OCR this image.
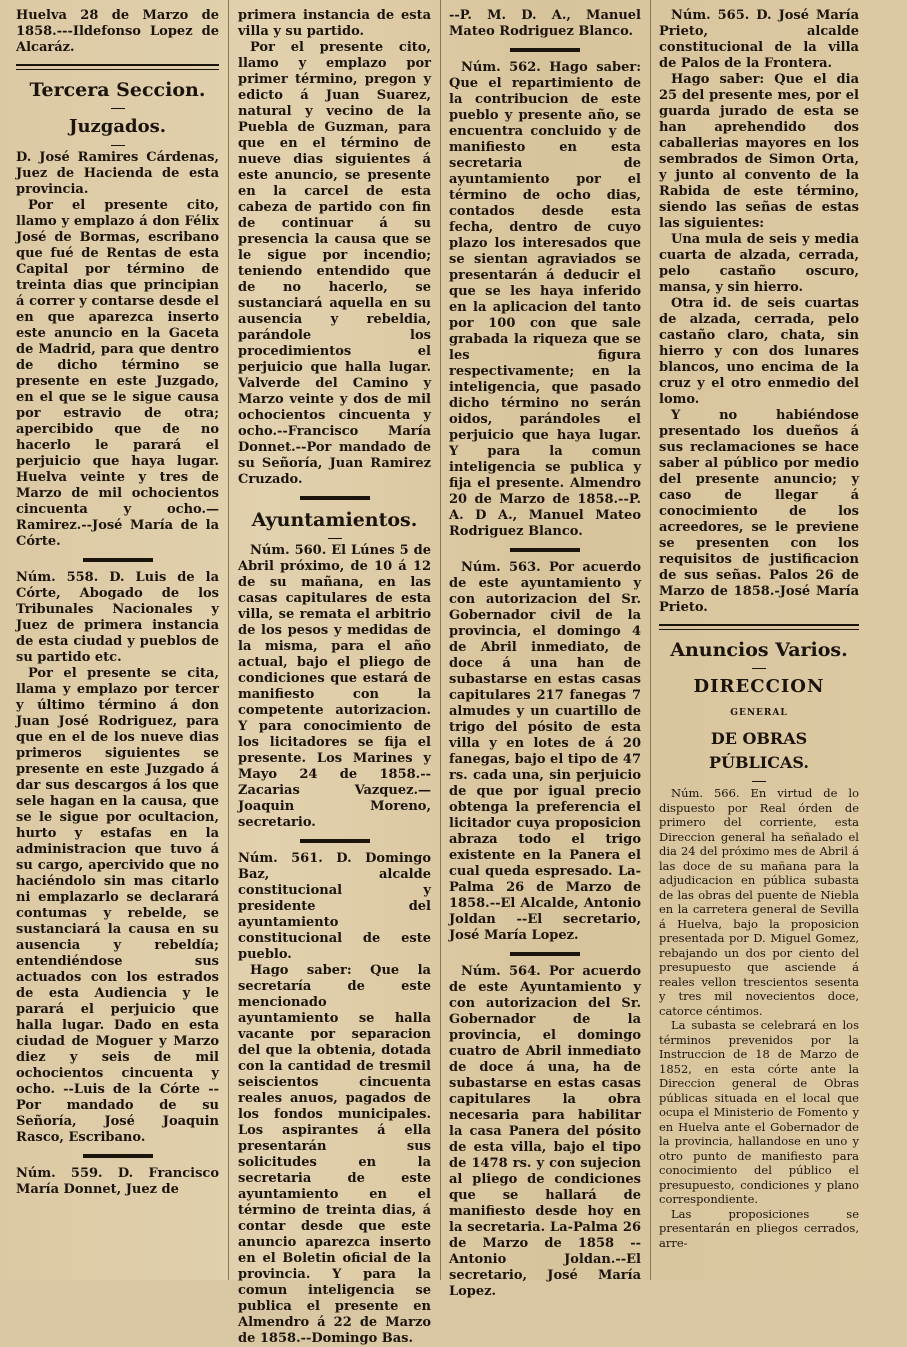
Huelva 28 de Marzo de 1858.---Ildefonso Lopez de Alcaráz.

Tercera Seccion.
Juzgados.

D. José Ramires Cárdenas, Juez de Hacienda de esta provincia.

Por el presente cito, llamo y emplazo á don Félix José de Bormas, escribano que fué de Rentas de esta Capital por término de treinta dias que principian á correr y contarse desde el en que aparezca inserto este anuncio en la Gaceta de Madrid, para que dentro de dicho término se presente en este Juzgado, en el que se le sigue causa por estravio de otra; apercibido que de no hacerlo le parará el perjuicio que haya lugar. Huelva veinte y tres de Marzo de mil ochocientos cincuenta y ocho.—Ramirez.--José María de la Córte.

Núm. 558. D. Luis de la Córte, Abogado de los Tribunales Nacionales y Juez de primera instancia de esta ciudad y pueblos de su partido etc.

Por el presente se cita, llama y emplazo por tercer y último término á don Juan José Rodriguez, para que en el de los nueve dias primeros siguientes se presente en este Juzgado á dar sus descargos á los que sele hagan en la causa, que se le sigue por ocultacion, hurto y estafas en la administracion que tuvo á su cargo, apercivido que no haciéndolo sin mas citarlo ni emplazarlo se declarará contumas y rebelde, se sustanciará la causa en su ausencia y rebeldía; entendiéndose sus actuados con los estrados de esta Audiencia y le parará el perjuicio que halla lugar. Dado en esta ciudad de Moguer y Marzo diez y seis de mil ochocientos cincuenta y ocho. --Luis de la Córte --Por mandado de su Señoría, José Joaquin Rasco, Escribano.

Núm. 559. D. Francisco María Donnet, Juez de

primera instancia de esta villa y su partido.

Por el presente cito, llamo y emplazo por primer término, pregon y edicto á Juan Suarez, natural y vecino de la Puebla de Guzman, para que en el término de nueve dias siguientes á este anuncio, se presente en la carcel de esta cabeza de partido con fin de continuar á su presencia la causa que se le sigue por incendio; teniendo entendido que de no hacerlo, se sustanciará aquella en su ausencia y rebeldia, parándole los procedimientos el perjuicio que halla lugar. Valverde del Camino y Marzo veinte y dos de mil ochocientos cincuenta y ocho.--Francisco María Donnet.--Por mandado de su Señoría, Juan Ramirez Cruzado.

Ayuntamientos.

Núm. 560. El Lúnes 5 de Abril próximo, de 10 á 12 de su mañana, en las casas capitulares de esta villa, se remata el arbitrio de los pesos y medidas de la misma, para el año actual, bajo el pliego de condiciones que estará de manifiesto con la competente autorizacion. Y para conocimiento de los licitadores se fija el presente. Los Marines y Mayo 24 de 1858.--Zacarias Vazquez.—Joaquin Moreno, secretario.

Núm. 561. D. Domingo Baz, alcalde constitucional y presidente del ayuntamiento constitucional de este pueblo.

Hago saber: Que la secretaría de este mencionado ayuntamiento se halla vacante por separacion del que la obtenia, dotada con la cantidad de tresmil seiscientos cincuenta reales anuos, pagados de los fondos municipales. Los aspirantes á ella presentarán sus solicitudes en la secretaria de este ayuntamiento en el término de treinta dias, á contar desde que este anuncio aparezca inserto en el Boletin oficial de la provincia. Y para la comun inteligencia se publica el presente en Almendro á 22 de Marzo de 1858.--Domingo Bas.

--P. M. D. A., Manuel Mateo Rodriguez Blanco.

Núm. 562. Hago saber: Que el repartimiento de la contribucion de este pueblo y presente año, se encuentra concluido y de manifiesto en esta secretaria de ayuntamiento por el término de ocho dias, contados desde esta fecha, dentro de cuyo plazo los interesados que se sientan agraviados se presentarán á deducir el que se les haya inferido en la aplicacion del tanto por 100 con que sale grabada la riqueza que se les figura respectivamente; en la inteligencia, que pasado dicho término no serán oidos, parándoles el perjuicio que haya lugar. Y para la comun inteligencia se publica y fija el presente. Almendro 20 de Marzo de 1858.--P. A. D A., Manuel Mateo Rodriguez Blanco.

Núm. 563. Por acuerdo de este ayuntamiento y con autorizacion del Sr. Gobernador civil de la provincia, el domingo 4 de Abril inmediato, de doce á una han de subastarse en estas casas capitulares 217 fanegas 7 almudes y un cuartillo de trigo del pósito de esta villa y en lotes de á 20 fanegas, bajo el tipo de 47 rs. cada una, sin perjuicio de que por igual precio obtenga la preferencia el licitador cuya proposicion abraza todo el trigo existente en la Panera el cual queda espresado. La-Palma 26 de Marzo de 1858.--El Alcalde, Antonio Joldan --El secretario, José María Lopez.

Núm. 564. Por acuerdo de este Ayuntamiento y con autorizacion del Sr. Gobernador de la provincia, el domingo cuatro de Abril inmediato de doce á una, ha de subastarse en estas casas capitulares la obra necesaria para habilitar la casa Panera del pósito de esta villa, bajo el tipo de 1478 rs. y con sujecion al pliego de condiciones que se hallará de manifiesto desde hoy en la secretaria. La-Palma 26 de Marzo de 1858 --Antonio Joldan.--El secretario, José María Lopez.

Núm. 565. D. José María Prieto, alcalde constitucional de la villa de Palos de la Frontera.

Hago saber: Que el dia 25 del presente mes, por el guarda jurado de esta se han aprehendido dos caballerias mayores en los sembrados de Simon Orta, y junto al convento de la Rabida de este término, siendo las señas de estas las siguientes:

Una mula de seis y media cuarta de alzada, cerrada, pelo castaño oscuro, mansa, y sin hierro.

Otra id. de seis cuartas de alzada, cerrada, pelo castaño claro, chata, sin hierro y con dos lunares blancos, uno encima de la cruz y el otro enmedio del lomo.

Y no habiéndose presentado los dueños á sus reclamaciones se hace saber al público por medio del presente anuncio; y caso de llegar á conocimiento de los acreedores, se le previene se presenten con los requisitos de justificacion de sus señas. Palos 26 de Marzo de 1858.-José María Prieto.

Anuncios Varios.
DIRECCION
GENERAL
DE OBRAS PÚBLICAS.

Núm. 566. En virtud de lo dispuesto por Real órden de primero del corriente, esta Direccion general ha señalado el dia 24 del próximo mes de Abril á las doce de su mañana para la adjudicacion en pública subasta de las obras del puente de Niebla en la carretera general de Sevilla á Huelva, bajo la proposicion presentada por D. Miguel Gomez, rebajando un dos por ciento del presupuesto que asciende á reales vellon trescientos sesenta y tres mil novecientos doce, catorce céntimos.

La subasta se celebrará en los términos prevenidos por la Instruccion de 18 de Marzo de 1852, en esta córte ante la Direccion general de Obras públicas situada en el local que ocupa el Ministerio de Fomento y en Huelva ante el Gobernador de la provincia, hallandose en uno y otro punto de manifiesto para conocimiento del público el presupuesto, condiciones y plano correspondiente.

Las proposiciones se presentarán en pliegos cerrados, arre-
